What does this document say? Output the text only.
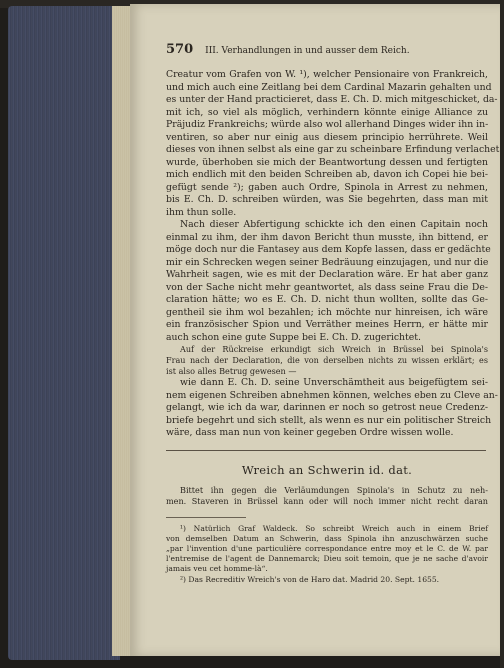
570 III. Verhandlungen in und ausser dem Reich.
Creatur vom Grafen von W. ¹), welcher Pensionaire von Frankreich,
und mich auch eine Zeitlang bei dem Cardinal Mazarin gehalten und
es unter der Hand practicieret, dass E. Ch. D. mich mitgeschicket, da-
mit ich, so viel als möglich, verhindern könnte einige Alliance zu
Präjudiz Frankreichs; würde also wol allerhand Dinges wider ihn in-
ventiren, so aber nur einig aus diesem principio herrührete. Weil
dieses von ihnen selbst als eine gar zu scheinbare Erfindung verlachet
wurde, überhoben sie mich der Beantwortung dessen und fertigten
mich endlich mit den beiden Schreiben ab, davon ich Copei hie bei-
gefügt sende ²); gaben auch Ordre, Spinola in Arrest zu nehmen,
bis E. Ch. D. schreiben würden, was Sie begehrten, dass man mit
ihm thun solle.
Nach dieser Abfertigung schickte ich den einen Capitain noch
einmal zu ihm, der ihm davon Bericht thun musste, ihn bittend, er
möge doch nur die Fantasey aus dem Kopfe lassen, dass er gedächte
mir ein Schrecken wegen seiner Bedräuung einzujagen, und nur die
Wahrheit sagen, wie es mit der Declaration wäre. Er hat aber ganz
von der Sache nicht mehr geantwortet, als dass seine Frau die De-
claration hätte; wo es E. Ch. D. nicht thun wollten, sollte das Ge-
gentheil sie ihm wol bezahlen; ich möchte nur hinreisen, ich wäre
ein französischer Spion und Verräther meines Herrn, er hätte mir
auch schon eine gute Suppe bei E. Ch. D. zugerichtet.
Auf der Rückreise erkundigt sich Wreich in Brüssel bei Spinola's
Frau nach der Declaration, die von derselben nichts zu wissen erklärt; es
ist also alles Betrug gewesen —
wie dann E. Ch. D. seine Unverschämtheit aus beigefügtem sei-
nem eigenen Schreiben abnehmen können, welches eben zu Cleve an-
gelangt, wie ich da war, darinnen er noch so getrost neue Credenz-
briefe begehrt und sich stellt, als wenn es nur ein politischer Streich
wäre, dass man nun von keiner gegeben Ordre wissen wolle.
Wreich an Schwerin id. dat.
Bittet ihn gegen die Verläumdungen Spinola's in Schutz zu neh-
men. Staveren in Brüssel kann oder will noch immer nicht recht daran
¹) Natürlich Graf Waldeck. So schreibt Wreich auch in einem Brief
von demselben Datum an Schwerin, dass Spinola ihn anzuschwärzen suche
„par l'invention d'une particulière correspondance entre moy et le C. de W. par
l'entremise de l'agent de Dannemarck; Dieu soit temoin, que je ne sache d'avoir
jamais veu cet homme-là“.
²) Das Recreditiv Wreich's von de Haro dat. Madrid 20. Sept. 1655.
